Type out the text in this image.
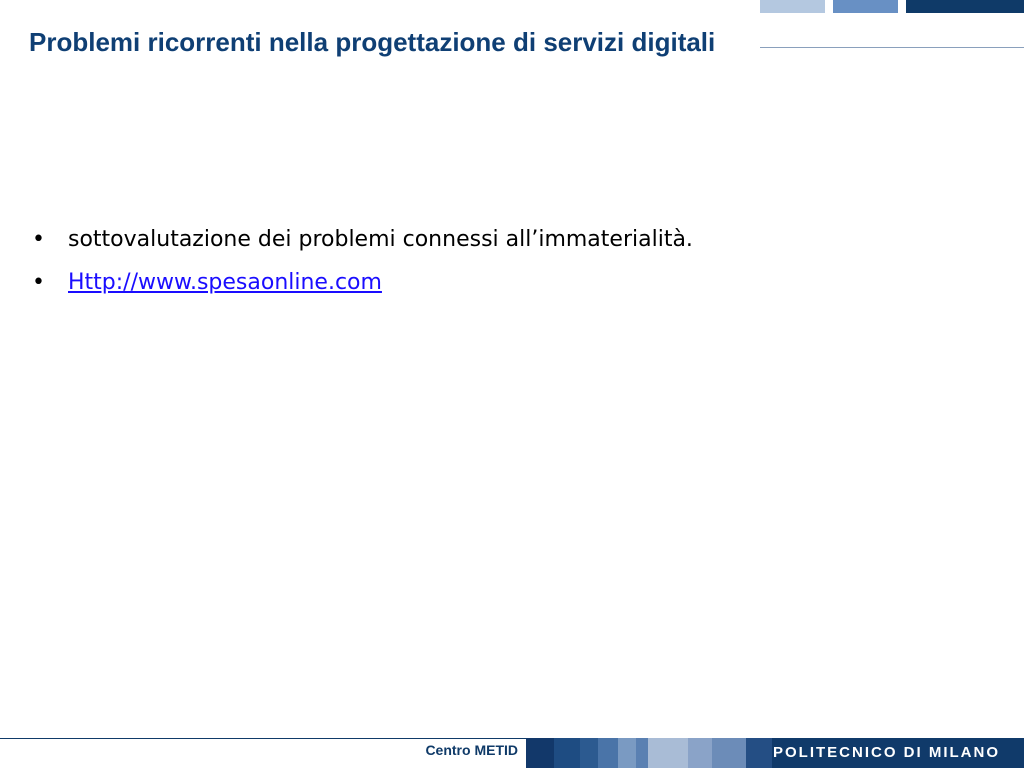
Problemi ricorrenti nella progettazione di servizi digitali
•	sottovalutazione dei problemi connessi all’immaterialità.
•	Http://www.spesaonline.com
Centro METID	POLITECNICO DI MILANO
